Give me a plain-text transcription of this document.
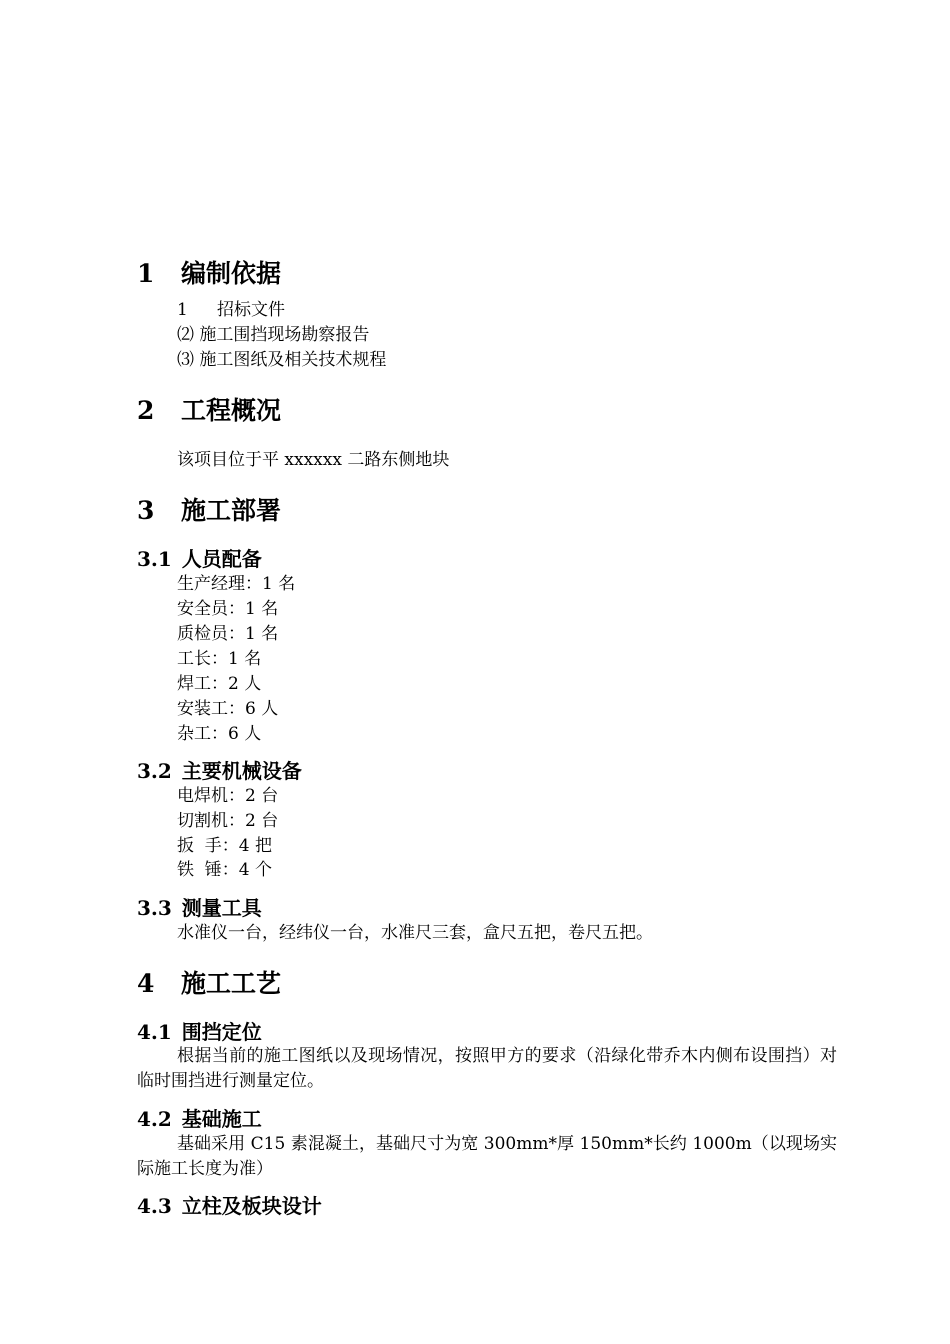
1 编制依据
1 招标文件
⑵ 施工围挡现场勘察报告
⑶ 施工图纸及相关技术规程
2 工程概况
该项目位于平 xxxxxx 二路东侧地块
3 施工部署
3.1 人员配备
生产经理：1 名
安全员：1 名
质检员：1 名
工长：1 名
焊工：2 人
安装工：6 人
杂工：6 人
3.2 主要机械设备
电焊机：2 台
切割机：2 台
扳  手：4 把
铁  锤：4 个
3.3 测量工具
水准仪一台，经纬仪一台，水准尺三套，盒尺五把，卷尺五把。
4 施工工艺
4.1 围挡定位
根据当前的施工图纸以及现场情况，按照甲方的要求（沿绿化带乔木内侧布设围挡）对临时围挡进行测量定位。
4.2 基础施工
基础采用 C15 素混凝土，基础尺寸为宽 300mm*厚 150mm*长约 1000m（以现场实际施工长度为准）
4.3 立柱及板块设计
